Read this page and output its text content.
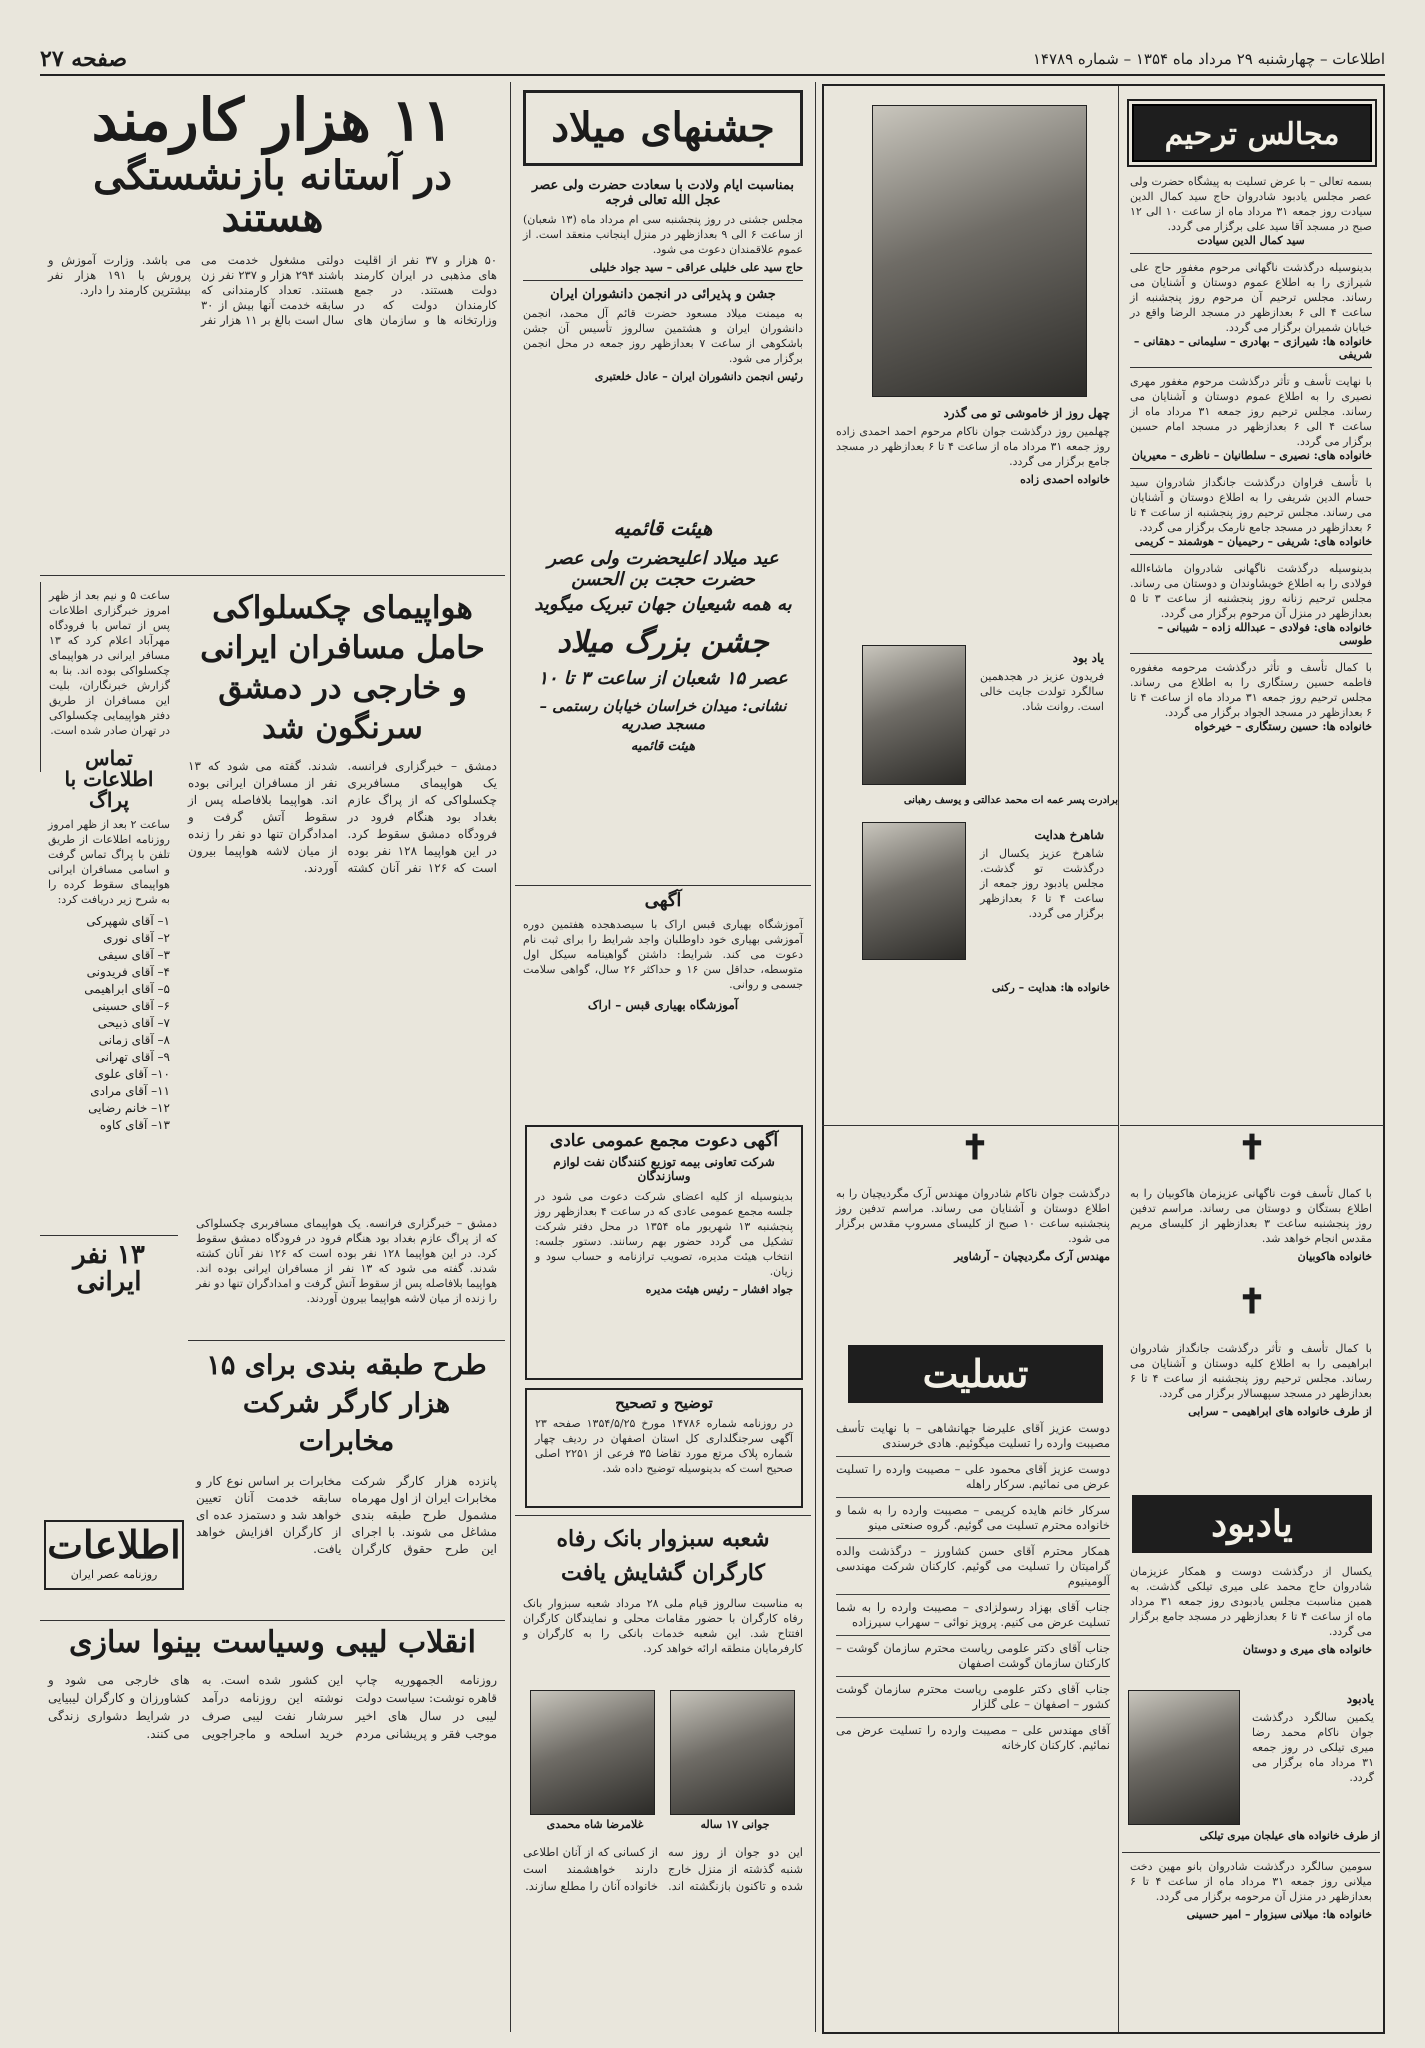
صفحه ۲۷	اطلاعات – چهارشنبه ۲۹ مرداد ماه ۱۳۵۴ – شماره ۱۴۷۸۹
۱۱ هزار کارمند
در آستانه بازنشستگی هستند
۵۰ هزار و ۳۷ نفر از اقلیت های مذهبی در ایران کارمند دولت هستند. در جمع کارمندان دولت که در وزارتخانه ها و سازمان های دولتی مشغول خدمت می باشند ۲۹۴ هزار و ۲۳۷ نفر زن هستند. تعداد کارمندانی که سابقه خدمت آنها بیش از ۳۰ سال است بالغ بر ۱۱ هزار نفر می باشد. وزارت آموزش و پرورش با ۱۹۱ هزار نفر بیشترین کارمند را دارد.
هواپیمای چکسلواکی حامل مسافران ایرانی و خارجی در دمشق سرنگون شد
دمشق – خبرگزاری فرانسه. یک هواپیمای مسافربری چکسلواکی که از پراگ عازم بغداد بود هنگام فرود در فرودگاه دمشق سقوط کرد. در این هواپیما ۱۲۸ نفر بوده است که ۱۲۶ نفر آنان کشته شدند. گفته می شود که ۱۳ نفر از مسافران ایرانی بوده اند. هواپیما بلافاصله پس از سقوط آتش گرفت و امدادگران تنها دو نفر را زنده از میان لاشه هواپیما بیرون آوردند.
ساعت ۵ و نیم بعد از ظهر امروز خبرگزاری اطلاعات پس از تماس با فرودگاه مهرآباد اعلام کرد که ۱۳ مسافر ایرانی در هواپیمای چکسلواکی بوده اند. بنا به گزارش خبرنگاران، بلیت این مسافران از طریق دفتر هواپیمایی چکسلواکی در تهران صادر شده است.
تماس اطلاعات با پراگ
ساعت ۲ بعد از ظهر امروز روزنامه اطلاعات از طریق تلفن با پراگ تماس گرفت و اسامی مسافران ایرانی هواپیمای سقوط کرده را به شرح زیر دریافت کرد:
۱– آقای شهپرکی
۲– آقای نوری
۳– آقای سیفی
۴– آقای فریدونی
۵– آقای ابراهیمی
۶– آقای حسینی
۷– آقای ذبیحی
۸– آقای زمانی
۹– آقای تهرانی
۱۰– آقای علوی
۱۱– آقای مرادی
۱۲– خانم رضایی
۱۳– آقای کاوه
۱۳ نفر ایرانی
اطلاعات
روزنامه عصر ایران
دمشق – خبرگزاری فرانسه. یک هواپیمای مسافربری چکسلواکی که از پراگ عازم بغداد بود هنگام فرود در فرودگاه دمشق سقوط کرد. در این هواپیما ۱۲۸ نفر بوده است که ۱۲۶ نفر آنان کشته شدند. گفته می شود که ۱۳ نفر از مسافران ایرانی بوده اند. هواپیما بلافاصله پس از سقوط آتش گرفت و امدادگران تنها دو نفر را زنده از میان لاشه هواپیما بیرون آوردند.
طرح طبقه بندی برای ۱۵ هزار کارگر شرکت مخابرات
پانزده هزار کارگر شرکت مخابرات ایران از اول مهرماه مشمول طرح طبقه بندی مشاغل می شوند. با اجرای این طرح حقوق کارگران مخابرات بر اساس نوع کار و سابقه خدمت آنان تعیین خواهد شد و دستمزد عده ای از کارگران افزایش خواهد یافت.
انقلاب لیبی وسیاست بینوا سازی
روزنامه الجمهوریه چاپ قاهره نوشت: سیاست دولت لیبی در سال های اخیر موجب فقر و پریشانی مردم این کشور شده است. به نوشته این روزنامه درآمد سرشار نفت لیبی صرف خرید اسلحه و ماجراجویی های خارجی می شود و کشاورزان و کارگران لیبیایی در شرایط دشواری زندگی می کنند.
جشنهای میلاد
بمناسبت ایام ولادت با سعادت حضرت ولی عصر عجل الله تعالی فرجه
مجلس جشنی در روز پنجشنبه سی ام مرداد ماه (۱۳ شعبان) از ساعت ۶ الی ۹ بعدازظهر در منزل اینجانب منعقد است. از عموم علاقمندان دعوت می شود.
حاج سید علی خلیلی عراقی – سید جواد خلیلی
جشن و پذیرائی در انجمن دانشوران ایران
به میمنت میلاد مسعود حضرت قائم آل محمد، انجمن دانشوران ایران و هشتمین سالروز تأسیس آن جشن باشکوهی از ساعت ۷ بعدازظهر روز جمعه در محل انجمن برگزار می شود.
رئیس انجمن دانشوران ایران – عادل خلعتبری
هیئت قائمیه
عید میلاد اعلیحضرت ولی عصر حضرت حجت بن الحسن
به همه شیعیان جهان تبریک میگوید
جشن بزرگ میلاد
عصر ۱۵ شعبان از ساعت ۳ تا ۱۰
نشانی: میدان خراسان خیابان رستمی – مسجد صدریه
هیئت قائمیه
آگهی
آموزشگاه بهیاری قبس اراک با سیصدهجده هفتمین دوره آموزشی بهیاری خود داوطلبان واجد شرایط را برای ثبت نام دعوت می کند. شرایط: داشتن گواهینامه سیکل اول متوسطه، حداقل سن ۱۶ و حداکثر ۲۶ سال، گواهی سلامت جسمی و روانی.
آموزشگاه بهیاری قبس – اراک
آگهی دعوت مجمع عمومی عادی
شرکت تعاونی بیمه توزیع کنندگان نفت لوازم وسازندگان
بدینوسیله از کلیه اعضای شرکت دعوت می شود در جلسه مجمع عمومی عادی که در ساعت ۴ بعدازظهر روز پنجشنبه ۱۳ شهریور ماه ۱۳۵۴ در محل دفتر شرکت تشکیل می گردد حضور بهم رسانند. دستور جلسه: انتخاب هیئت مدیره، تصویب ترازنامه و حساب سود و زیان.
جواد افشار – رئیس هیئت مدیره
توضیح و تصحیح
در روزنامه شماره ۱۴۷۸۶ مورخ ۱۳۵۴/۵/۲۵ صفحه ۲۳ آگهی سرجنگلداری کل استان اصفهان در ردیف چهار شماره پلاک مرتع مورد تقاضا ۳۵ فرعی از ۲۲۵۱ اصلی صحیح است که بدینوسیله توضیح داده شد.
شعبه سبزوار بانک رفاه کارگران گشایش یافت
به مناسبت سالروز قیام ملی ۲۸ مرداد شعبه سبزوار بانک رفاه کارگران با حضور مقامات محلی و نمایندگان کارگران افتتاح شد. این شعبه خدمات بانکی را به کارگران و کارفرمایان منطقه ارائه خواهد کرد.
غلامرضا شاه محمدی	جوانی ۱۷ ساله
این دو جوان از روز سه شنبه گذشته از منزل خارج شده و تاکنون بازنگشته اند. از کسانی که از آنان اطلاعی دارند خواهشمند است خانواده آنان را مطلع سازند.
چهل روز از خاموشی تو می گذرد
چهلمین روز درگذشت جوان ناکام مرحوم احمد احمدی زاده روز جمعه ۳۱ مرداد ماه از ساعت ۴ تا ۶ بعدازظهر در مسجد جامع برگزار می گردد.
خانواده احمدی زاده
یاد بود
فریدون عزیز در هجدهمین سالگرد تولدت جایت خالی است. روانت شاد.
برادرت پسر عمه ات محمد عدالتی و یوسف رهبانی
شاهرخ هدایت
شاهرخ عزیز یکسال از درگذشت تو گذشت. مجلس یادبود روز جمعه از ساعت ۴ تا ۶ بعدازظهر برگزار می گردد.
خانواده ها: هدایت – رکنی
✝
درگذشت جوان ناکام شادروان مهندس آرک مگرديچيان را به اطلاع دوستان و آشنایان می رساند. مراسم تدفین روز پنجشنبه ساعت ۱۰ صبح از کلیسای مسروپ مقدس برگزار می شود.
مهندس آرک مگرديچيان – آرشاویر
تسلیت
دوست عزیز آقای علیرضا جهانشاهی – با نهایت تأسف مصیبت وارده را تسلیت میگوئیم. هادی خرسندی
دوست عزیز آقای محمود علی – مصیبت وارده را تسلیت عرض می نمائیم. سرکار راهله
سرکار خانم هایده کریمی – مصیبت وارده را به شما و خانواده محترم تسلیت می گوئیم. گروه صنعتی مینو
همکار محترم آقای حسن کشاورز – درگذشت والده گرامیتان را تسلیت می گوئیم. کارکنان شرکت مهندسی آلومینیوم
جناب آقای بهزاد رسولزادی – مصیبت وارده را به شما تسلیت عرض می کنیم. پرویز نوائی – سهراب سیرزاده
جناب آقای دکتر علومی ریاست محترم سازمان گوشت – کارکنان سازمان گوشت اصفهان
جناب آقای دکتر علومی ریاست محترم سازمان گوشت کشور – اصفهان – علی گلزار
آقای مهندس علی – مصیبت وارده را تسلیت عرض می نمائیم. کارکنان کارخانه
مجالس ترحیم
بسمه تعالی – با عرض تسلیت به پیشگاه حضرت ولی عصر مجلس یادبود شادروان حاج سید کمال الدین سیادت روز جمعه ۳۱ مرداد ماه از ساعت ۱۰ الی ۱۲ صبح در مسجد آقا سید علی برگزار می گردد.
سید کمال الدین سیادت
بدینوسیله درگذشت ناگهانی مرحوم مغفور حاج علی شیرازی را به اطلاع عموم دوستان و آشنایان می رساند. مجلس ترحیم آن مرحوم روز پنجشنبه از ساعت ۴ الی ۶ بعدازظهر در مسجد الرضا واقع در خیابان شمیران برگزار می گردد.
خانواده ها: شیرازی – بهادری – سلیمانی – دهقانی – شریفی
با نهایت تأسف و تأثر درگذشت مرحوم مغفور مهری نصیری را به اطلاع عموم دوستان و آشنایان می رساند. مجلس ترحیم روز جمعه ۳۱ مرداد ماه از ساعت ۴ الی ۶ بعدازظهر در مسجد امام حسین برگزار می گردد.
خانواده های: نصیری – سلطانیان – ناظری – معیریان
با تأسف فراوان درگذشت جانگداز شادروان سید حسام الدین شریفی را به اطلاع دوستان و آشنایان می رساند. مجلس ترحیم روز پنجشنبه از ساعت ۴ تا ۶ بعدازظهر در مسجد جامع نارمک برگزار می گردد.
خانواده های: شریفی – رحیمیان – هوشمند – کریمی
بدینوسیله درگذشت ناگهانی شادروان ماشاءالله فولادی را به اطلاع خویشاوندان و دوستان می رساند. مجلس ترحیم زنانه روز پنجشنبه از ساعت ۳ تا ۵ بعدازظهر در منزل آن مرحوم برگزار می گردد.
خانواده های: فولادی – عبدالله زاده – شیبانی – طوسی
با کمال تأسف و تأثر درگذشت مرحومه مغفوره فاطمه حسین رستگاری را به اطلاع می رساند. مجلس ترحیم روز جمعه ۳۱ مرداد ماه از ساعت ۴ تا ۶ بعدازظهر در مسجد الجواد برگزار می گردد.
خانواده ها: حسین رستگاری – خیرخواه
✝
با کمال تأسف فوت ناگهانی عزیزمان هاکوبیان را به اطلاع بستگان و دوستان می رساند. مراسم تدفین روز پنجشنبه ساعت ۳ بعدازظهر از کلیسای مریم مقدس انجام خواهد شد.
خانواده هاکوبیان
✝
با کمال تأسف و تأثر درگذشت جانگداز شادروان ابراهیمی را به اطلاع کلیه دوستان و آشنایان می رساند. مجلس ترحیم روز پنجشنبه از ساعت ۴ تا ۶ بعدازظهر در مسجد سپهسالار برگزار می گردد.
از طرف خانواده های ابراهیمی – سرابی
یادبود
یکسال از درگذشت دوست و همکار عزیزمان شادروان حاج محمد علی میری تیلکی گذشت. به همین مناسبت مجلس یادبودی روز جمعه ۳۱ مرداد ماه از ساعت ۴ تا ۶ بعدازظهر در مسجد جامع برگزار می گردد.
خانواده های میری و دوستان
یادبود
یکمین سالگرد درگذشت جوان ناکام محمد رضا میری تیلکی در روز جمعه ۳۱ مرداد ماه برگزار می گردد.
از طرف خانواده های عیلجان میری تیلکی
سومین سالگرد درگذشت شادروان بانو مهین دخت میلانی روز جمعه ۳۱ مرداد ماه از ساعت ۴ تا ۶ بعدازظهر در منزل آن مرحومه برگزار می گردد.
خانواده ها: میلانی سبزوار – امیر حسینی
